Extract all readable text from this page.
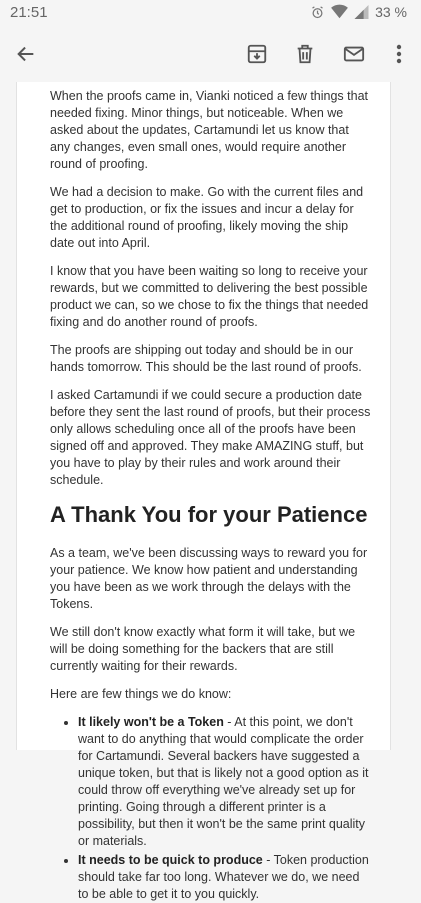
21:51	33 %

When the proofs came in, Vianki noticed a few things that needed fixing. Minor things, but noticeable. When we asked about the updates, Cartamundi let us know that any changes, even small ones, would require another round of proofing.

We had a decision to make. Go with the current files and get to production, or fix the issues and incur a delay for the additional round of proofing, likely moving the ship date out into April.

I know that you have been waiting so long to receive your rewards, but we committed to delivering the best possible product we can, so we chose to fix the things that needed fixing and do another round of proofs.

The proofs are shipping out today and should be in our hands tomorrow. This should be the last round of proofs.

I asked Cartamundi if we could secure a production date before they sent the last round of proofs, but their process only allows scheduling once all of the proofs have been signed off and approved. They make AMAZING stuff, but you have to play by their rules and work around their schedule.

A Thank You for your Patience

As a team, we've been discussing ways to reward you for your patience. We know how patient and understanding you have been as we work through the delays with the Tokens.

We still don't know exactly what form it will take, but we will be doing something for the backers that are still currently waiting for their rewards.

Here are few things we do know:

It likely won't be a Token - At this point, we don't want to do anything that would complicate the order for Cartamundi. Several backers have suggested a unique token, but that is likely not a good option as it could throw off everything we've already set up for printing. Going through a different printer is a possibility, but then it won't be the same print quality or materials.
It needs to be quick to produce - Token production should take far too long. Whatever we do, we need to be able to get it to you quickly.
